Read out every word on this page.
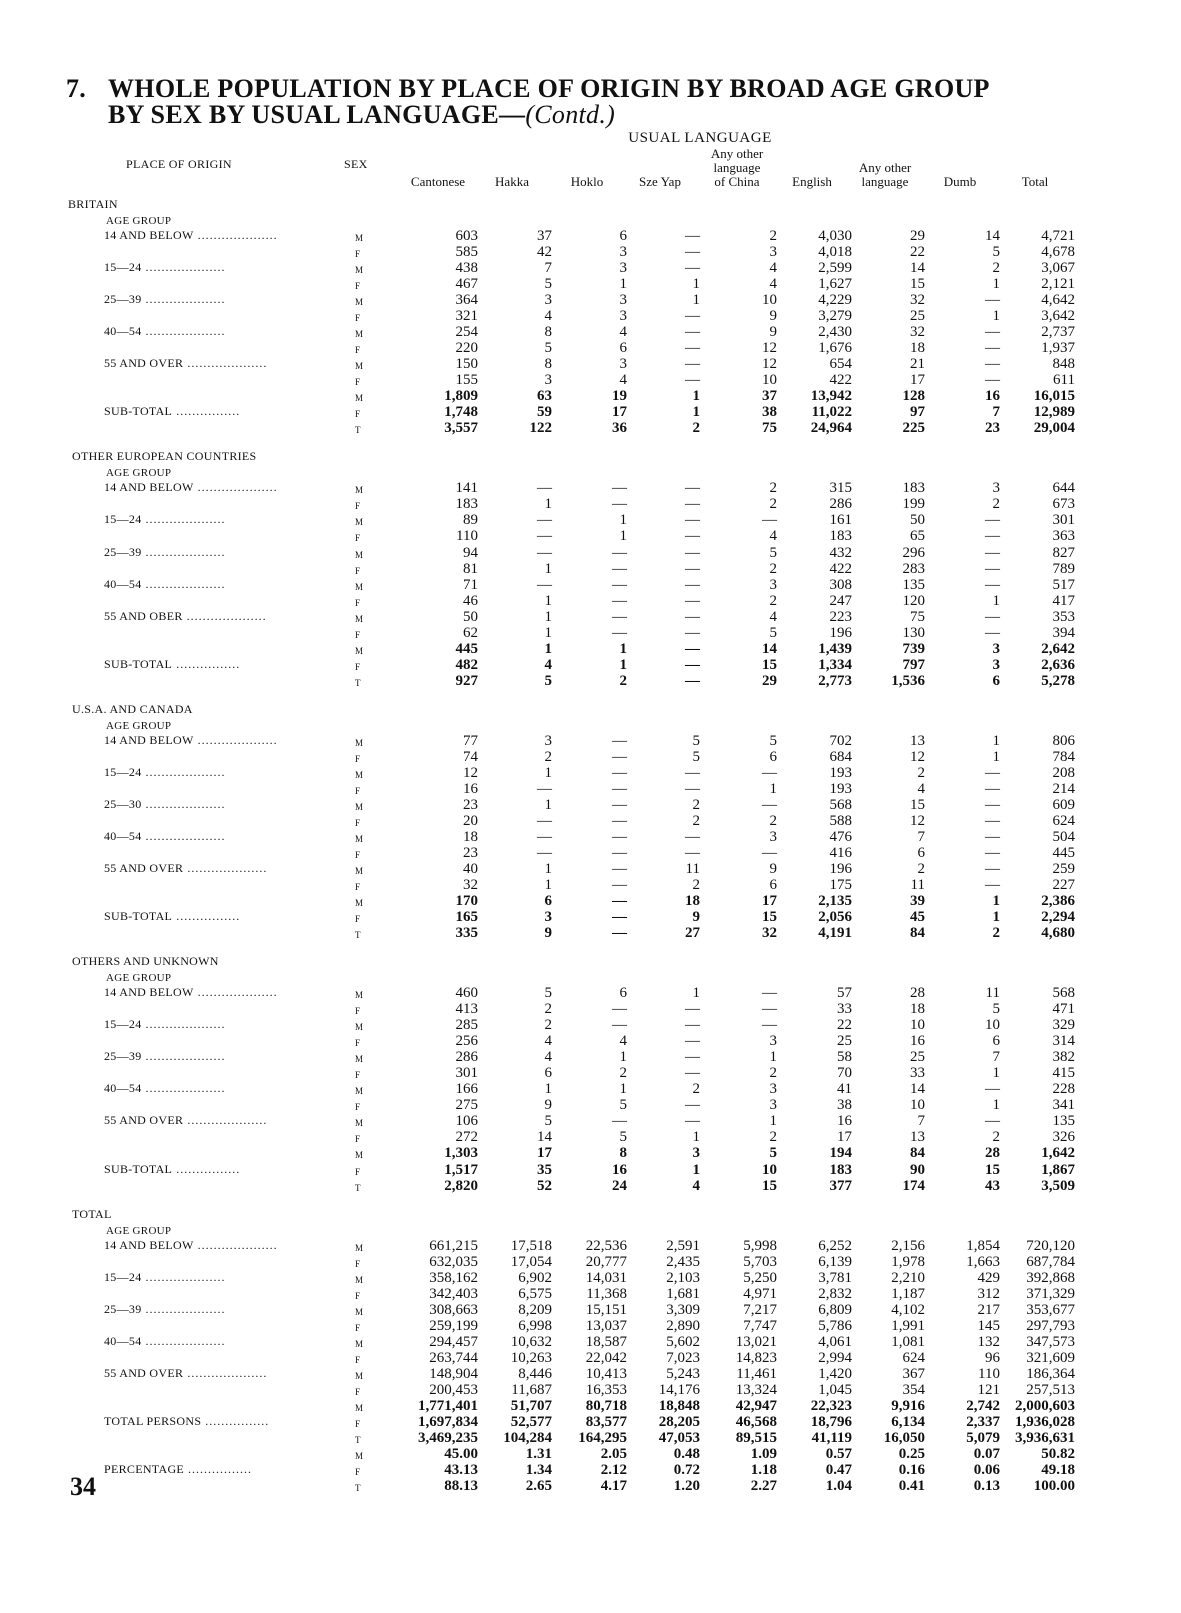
7. WHOLE POPULATION BY PLACE OF ORIGIN BY BROAD AGE GROUP
BY SEX BY USUAL LANGUAGE—(Contd.)
USUAL LANGUAGE
PLACE OF ORIGIN	SEX
Cantonese	Hakka	Hoklo	Sze Yap
Any other
language
of China	English
Any other
language	Dumb	Total
BRITAIN
AGE GROUP
14 AND BELOW ....................	M	603	37	6	—	2	4,030	29	14	4,721
F	585	42	3	—	3	4,018	22	5	4,678
15—24 ....................	M	438	7	3	—	4	2,599	14	2	3,067
F	467	5	1	1	4	1,627	15	1	2,121
25—39 ....................	M	364	3	3	1	10	4,229	32	—	4,642
F	321	4	3	—	9	3,279	25	1	3,642
40—54 ....................	M	254	8	4	—	9	2,430	32	—	2,737
F	220	5	6	—	12	1,676	18	—	1,937
55 AND OVER ....................	M	150	8	3	—	12	654	21	—	848
F	155	3	4	—	10	422	17	—	611
M	1,809	63	19	1	37	13,942	128	16	16,015
SUB-TOTAL ................	F	1,748	59	17	1	38	11,022	97	7	12,989
T	3,557	122	36	2	75	24,964	225	23	29,004
OTHER EUROPEAN COUNTRIES
AGE GROUP
14 AND BELOW ....................	M	141	—	—	—	2	315	183	3	644
F	183	1	—	—	2	286	199	2	673
15—24 ....................	M	89	—	1	—	—	161	50	—	301
F	110	—	1	—	4	183	65	—	363
25—39 ....................	M	94	—	—	—	5	432	296	—	827
F	81	1	—	—	2	422	283	—	789
40—54 ....................	M	71	—	—	—	3	308	135	—	517
F	46	1	—	—	2	247	120	1	417
55 AND OBER ....................	M	50	1	—	—	4	223	75	—	353
F	62	1	—	—	5	196	130	—	394
M	445	1	1	—	14	1,439	739	3	2,642
SUB-TOTAL ................	F	482	4	1	—	15	1,334	797	3	2,636
T	927	5	2	—	29	2,773	1,536	6	5,278
U.S.A. AND CANADA
AGE GROUP
14 AND BELOW ....................	M	77	3	—	5	5	702	13	1	806
F	74	2	—	5	6	684	12	1	784
15—24 ....................	M	12	1	—	—	—	193	2	—	208
F	16	—	—	—	1	193	4	—	214
25—30 ....................	M	23	1	—	2	—	568	15	—	609
F	20	—	—	2	2	588	12	—	624
40—54 ....................	M	18	—	—	—	3	476	7	—	504
F	23	—	—	—	—	416	6	—	445
55 AND OVER ....................	M	40	1	—	11	9	196	2	—	259
F	32	1	—	2	6	175	11	—	227
M	170	6	—	18	17	2,135	39	1	2,386
SUB-TOTAL ................	F	165	3	—	9	15	2,056	45	1	2,294
T	335	9	—	27	32	4,191	84	2	4,680
OTHERS AND UNKNOWN
AGE GROUP
14 AND BELOW ....................	M	460	5	6	1	—	57	28	11	568
F	413	2	—	—	—	33	18	5	471
15—24 ....................	M	285	2	—	—	—	22	10	10	329
F	256	4	4	—	3	25	16	6	314
25—39 ....................	M	286	4	1	—	1	58	25	7	382
F	301	6	2	—	2	70	33	1	415
40—54 ....................	M	166	1	1	2	3	41	14	—	228
F	275	9	5	—	3	38	10	1	341
55 AND OVER ....................	M	106	5	—	—	1	16	7	—	135
F	272	14	5	1	2	17	13	2	326
M	1,303	17	8	3	5	194	84	28	1,642
SUB-TOTAL ................	F	1,517	35	16	1	10	183	90	15	1,867
T	2,820	52	24	4	15	377	174	43	3,509
TOTAL
AGE GROUP
14 AND BELOW ....................	M	661,215	17,518	22,536	2,591	5,998	6,252	2,156	1,854	720,120
F	632,035	17,054	20,777	2,435	5,703	6,139	1,978	1,663	687,784
15—24 ....................	M	358,162	6,902	14,031	2,103	5,250	3,781	2,210	429	392,868
F	342,403	6,575	11,368	1,681	4,971	2,832	1,187	312	371,329
25—39 ....................	M	308,663	8,209	15,151	3,309	7,217	6,809	4,102	217	353,677
F	259,199	6,998	13,037	2,890	7,747	5,786	1,991	145	297,793
40—54 ....................	M	294,457	10,632	18,587	5,602	13,021	4,061	1,081	132	347,573
F	263,744	10,263	22,042	7,023	14,823	2,994	624	96	321,609
55 AND OVER ....................	M	148,904	8,446	10,413	5,243	11,461	1,420	367	110	186,364
F	200,453	11,687	16,353	14,176	13,324	1,045	354	121	257,513
M	1,771,401	51,707	80,718	18,848	42,947	22,323	9,916	2,742	2,000,603
TOTAL PERSONS ................	F	1,697,834	52,577	83,577	28,205	46,568	18,796	6,134	2,337	1,936,028
T	3,469,235	104,284	164,295	47,053	89,515	41,119	16,050	5,079	3,936,631
M	45.00	1.31	2.05	0.48	1.09	0.57	0.25	0.07	50.82
PERCENTAGE ................	F	43.13	1.34	2.12	0.72	1.18	0.47	0.16	0.06	49.18
T	88.13	2.65	4.17	1.20	2.27	1.04	0.41	0.13	100.00
34
